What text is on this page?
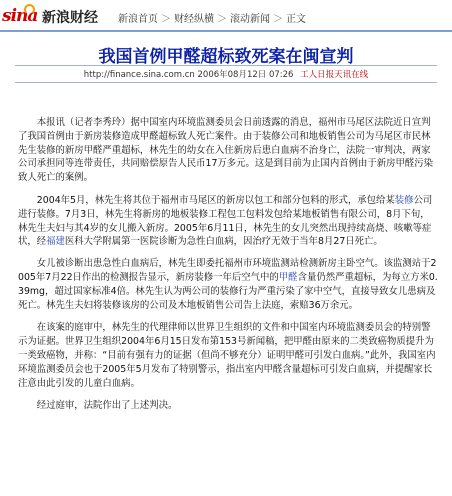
sina 新浪财经 新浪首页 ＞ 财经纵横 ＞ 滚动新闻 ＞ 正文
我国首例甲醛超标致死案在闽宣判
http://finance.sina.com.cn 2006年08月12日 07:26 工人日报天讯在线

本报讯（记者李秀玲）据中国室内环境监测委员会日前透露的消息，福州市马尾区法院近日宣判了我国首例由于新房装修造成甲醛超标致人死亡案件。由于装修公司和地板销售公司为马尾区市民林先生装修的新房甲醛严重超标，林先生的幼女在入住新房后患白血病不治身亡，法院一审判决，两家公司承担同等连带责任，共同赔偿原告人民币17万多元。这是到目前为止国内首例由于新房甲醛污染致人死亡的案例。

2004年5月，林先生将其位于福州市马尾区的新房以包工和部分包料的形式，承包给某装修公司进行装修。7月3日，林先生将新房的地板装修工程包工包料发包给某地板销售有限公司，8月下旬，林先生夫妇与其4岁的女儿搬入新房。2005年6月11日，林先生的女儿突然出现持续高烧、咳嗽等症状，经福建医科大学附属第一医院诊断为急性白血病，因治疗无效于当年8月27日死亡。

女儿被诊断出患急性白血病后，林先生即委托福州市环境监测站检测新房主卧空气。该监测站于2005年7月22日作出的检测报告显示，新房装修一年后空气中的甲醛含量仍然严重超标，为每立方米0.39mg，超过国家标准4倍。林先生认为两公司的装修行为严重污染了家中空气，直接导致女儿患病及死亡。林先生夫妇将装修该房的公司及木地板销售公司告上法庭，索赔36万余元。

在该案的庭审中，林先生的代理律师以世界卫生组织的文件和中国室内环境监测委员会的特别警示为证据。世界卫生组织2004年6月15日发布第153号新闻稿，把甲醛由原来的二类致癌物质提升为一类致癌物，并称：“目前有强有力的证据（但尚不够充分）证明甲醛可引发白血病。”此外，我国室内环境监测委员会也于2005年5月发布了特别警示，指出室内甲醛含量超标可引发白血病，并提醒家长注意由此引发的儿童白血病。

经过庭审，法院作出了上述判决。
